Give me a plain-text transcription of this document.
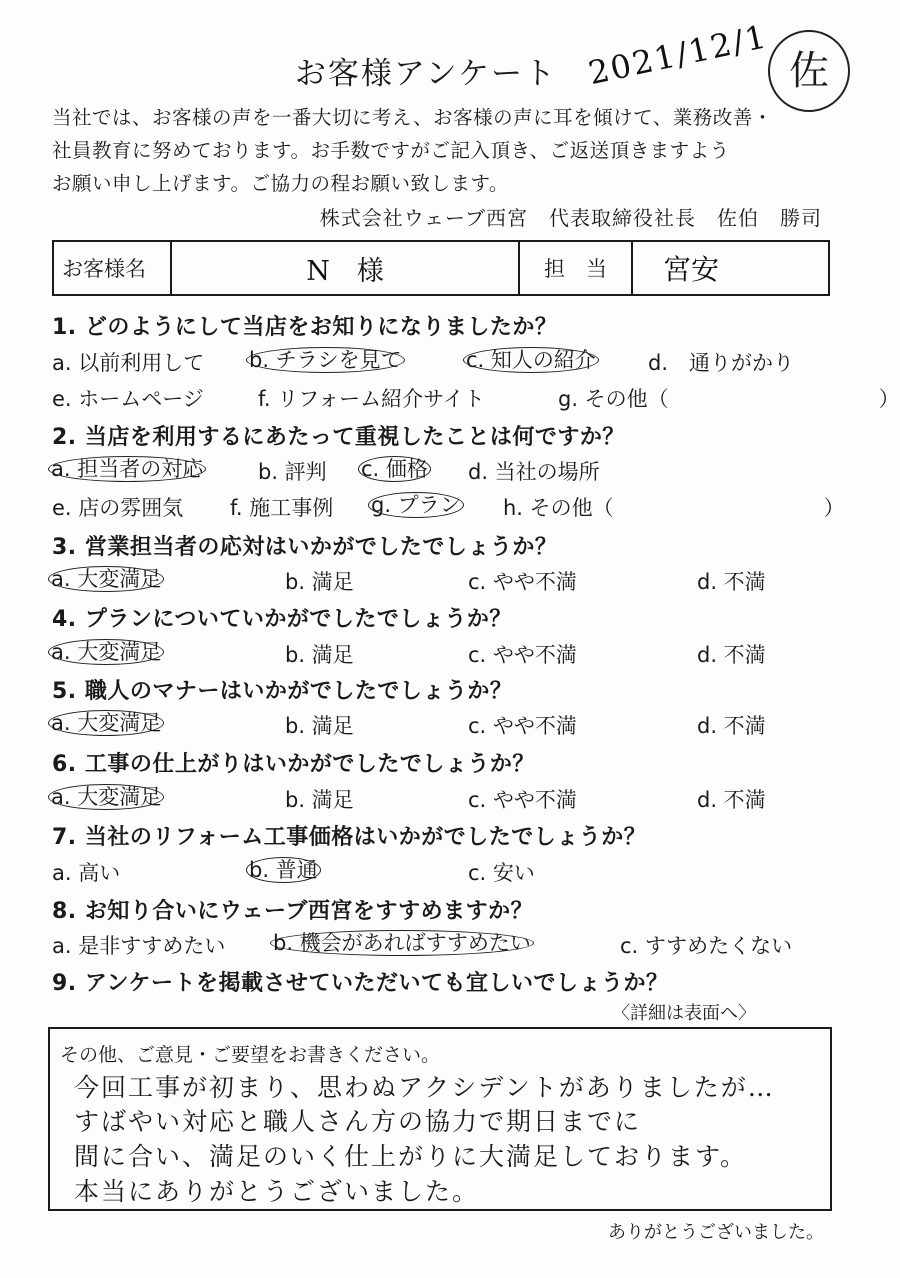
お客様アンケート 2021/12/1 佐
当社では、お客様の声を一番大切に考え、お客様の声に耳を傾けて、業務改善・
社員教育に努めております。お手数ですがご記入頂き、ご返送頂きますよう
お願い申し上げます。ご協力の程お願い致します。
株式会社ウェーブ西宮　代表取締役社長　佐伯　勝司
お客様名	N　様	担　当	宮安
1. どのようにして当店をお知りになりましたか？
a. 以前利用して b. チラシを見て	c. 知人の紹介 d.　通りがかり
e. ホームページ	f. リフォーム紹介サイト	g. その他（　　　　　　　　　　）
2. 当店を利用するにあたって重視したことは何ですか？
a. 担当者の対応	b. 評判 c. 価格 d. 当社の場所
e. 店の雰囲気 f. 施工事例 g. プラン h. その他（　　　　　　　　　　）
3. 営業担当者の応対はいかがでしたでしょうか？
a. 大変満足	b. 満足	c. やや不満	d. 不満
4. プランについていかがでしたでしょうか？
a. 大変満足	b. 満足	c. やや不満	d. 不満
5. 職人のマナーはいかがでしたでしょうか？
a. 大変満足	b. 満足	c. やや不満	d. 不満
6. 工事の仕上がりはいかがでしたでしょうか？
a. 大変満足	b. 満足	c. やや不満	d. 不満
7. 当社のリフォーム工事価格はいかがでしたでしょうか？
a. 高い	b. 普通	c. 安い
8. お知り合いにウェーブ西宮をすすめますか？
a. 是非すすめたい b. 機会があればすすめたい	c. すすめたくない
9. アンケートを掲載させていただいても宜しいでしょうか？
〈詳細は表面へ〉
その他、ご意見・ご要望をお書きください。
今回工事が初まり、思わぬアクシデントがありましたが…
すばやい対応と職人さん方の協力で期日までに
間に合い、満足のいく仕上がりに大満足しております。
本当にありがとうございました。
ありがとうございました。
